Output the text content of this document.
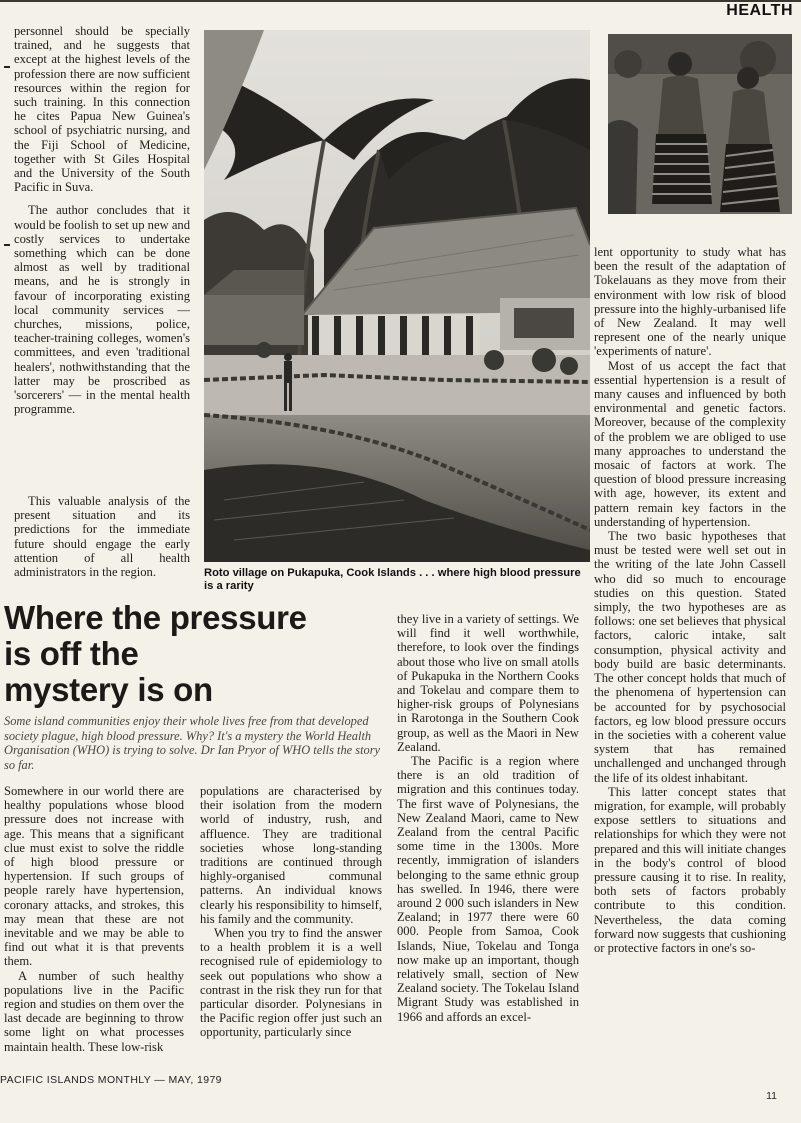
HEALTH

personnel should be specially trained, and he suggests that except at the highest levels of the profession there are now sufficient resources within the region for such training. In this connection he cites Papua New Guinea's school of psychiatric nursing, and the Fiji School of Medicine, together with St Giles Hospital and the University of the South Pacific in Suva.

The author concludes that it would be foolish to set up new and costly services to undertake something which can be done almost as well by traditional means, and he is strongly in favour of incorporating existing local community services — churches, missions, police, teacher-training colleges, women's committees, and even 'traditional healers', nothwithstanding that the latter may be proscribed as 'sorcerers' — in the mental health programme.

This valuable analysis of the present situation and its predictions for the immediate future should engage the early attention of all health administrators in the region.	Roto village on Pukapuka, Cook Islands . . . where high blood pressure is a rarity
Where the pressure
is off the
mystery is on
Some island communities enjoy their whole lives free from that developed society plague, high blood pressure. Why? It's a mystery the World Health Organisation (WHO) is trying to solve. Dr Ian Pryor of WHO tells the story so far.

Somewhere in our world there are healthy populations whose blood pressure does not increase with age. This means that a significant clue must exist to solve the riddle of high blood pressure or hypertension. If such groups of people rarely have hypertension, coronary attacks, and strokes, this may mean that these are not inevitable and we may be able to find out what it is that prevents them.

A number of such healthy populations live in the Pacific region and studies on them over the last decade are beginning to throw some light on what processes maintain health. These low-risk

populations are characterised by their isolation from the modern world of industry, rush, and affluence. They are traditional societies whose long-standing traditions are continued through highly-organised communal patterns. An individual knows clearly his responsibility to himself, his family and the community.

When you try to find the answer to a health problem it is a well recognised rule of epidemiology to seek out populations who show a contrast in the risk they run for that particular disorder. Polynesians in the Pacific region offer just such an opportunity, particularly since

they live in a variety of settings. We will find it well worthwhile, therefore, to look over the findings about those who live on small atolls of Pukapuka in the Northern Cooks and Tokelau and compare them to higher-risk groups of Polynesians in Rarotonga in the Southern Cook group, as well as the Maori in New Zealand.

The Pacific is a region where there is an old tradition of migration and this continues today. The first wave of Polynesians, the New Zealand Maori, came to New Zealand from the central Pacific some time in the 1300s. More recently, immigration of islanders belonging to the same ethnic group has swelled. In 1946, there were around 2 000 such islanders in New Zealand; in 1977 there were 60 000. People from Samoa, Cook Islands, Niue, Tokelau and Tonga now make up an important, though relatively small, section of New Zealand society. The Tokelau Island Migrant Study was established in 1966 and affords an excel-

lent opportunity to study what has been the result of the adaptation of Tokelauans as they move from their environment with low risk of blood pressure into the highly-urbanised life of New Zealand. It may well represent one of the nearly unique 'experiments of nature'.

Most of us accept the fact that essential hypertension is a result of many causes and influenced by both environmental and genetic factors. Moreover, because of the complexity of the problem we are obliged to use many approaches to understand the mosaic of factors at work. The question of blood pressure increasing with age, however, its extent and pattern remain key factors in the understanding of hypertension.

The two basic hypotheses that must be tested were well set out in the writing of the late John Cassell who did so much to encourage studies on this question. Stated simply, the two hypotheses are as follows: one set believes that physical factors, caloric intake, salt consumption, physical activity and body build are basic determinants. The other concept holds that much of the phenomena of hypertension can be accounted for by psychosocial factors, eg low blood pressure occurs in the societies with a coherent value system that has remained unchallenged and unchanged through the life of its oldest inhabitant.

This latter concept states that migration, for example, will probably expose settlers to situations and relationships for which they were not prepared and this will initiate changes in the body's control of blood pressure causing it to rise. In reality, both sets of factors probably contribute to this condition. Nevertheless, the data coming forward now suggests that cushioning or protective factors in one's so-

PACIFIC ISLANDS MONTHLY — MAY, 1979
11
